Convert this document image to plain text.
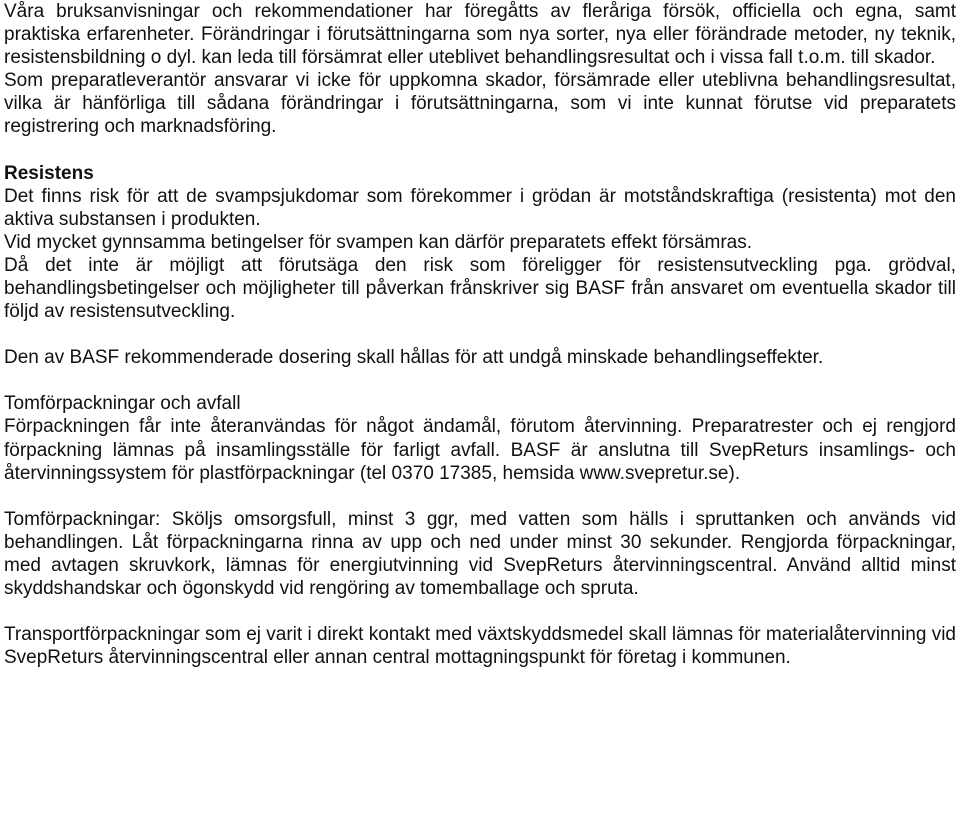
Våra bruksanvisningar och rekommendationer har föregåtts av fleråriga försök, officiella och egna, samt praktiska erfarenheter. Förändringar i förutsättningarna som nya sorter, nya eller förändrade metoder, ny teknik, resistensbildning o dyl. kan leda till försämrat eller uteblivet behandlingsresultat och i vissa fall t.o.m. till skador.

Som preparatleverantör ansvarar vi icke för uppkomna skador, försämrade eller uteblivna behandlingsresultat, vilka är hänförliga till sådana förändringar i förutsättningarna, som vi inte kunnat förutse vid preparatets registrering och marknadsföring.

Resistens

Det finns risk för att de svampsjukdomar som förekommer i grödan är motståndskraftiga (resistenta) mot den aktiva substansen i produkten.

Vid mycket gynnsamma betingelser för svampen kan därför preparatets effekt försämras.

Då det inte är möjligt att förutsäga den risk som föreligger för resistensutveckling pga. grödval, behandlingsbetingelser och möjligheter till påverkan frånskriver sig BASF från ansvaret om eventuella skador till följd av resistensutveckling.

Den av BASF rekommenderade dosering skall hållas för att undgå minskade behandlingseffekter.

Tomförpackningar och avfall

Förpackningen får inte återanvändas för något ändamål, förutom återvinning. Preparatrester och ej rengjord förpackning lämnas på insamlingsställe för farligt avfall. BASF är anslutna till SvepReturs insamlings- och återvinningssystem för plastförpackningar (tel 0370 17385, hemsida www.svepretur.se).

Tomförpackningar: Sköljs omsorgsfull, minst 3 ggr, med vatten som hälls i spruttanken och används vid behandlingen. Låt förpackningarna rinna av upp och ned under minst 30 sekunder. Rengjorda förpackningar, med avtagen skruvkork, lämnas för energiutvinning vid SvepReturs återvinningscentral. Använd alltid minst skyddshandskar och ögonskydd vid rengöring av tomemballage och spruta.

Transportförpackningar som ej varit i direkt kontakt med växtskyddsmedel skall lämnas för materialåtervinning vid SvepReturs återvinningscentral eller annan central mottagningspunkt för företag i kommunen.
